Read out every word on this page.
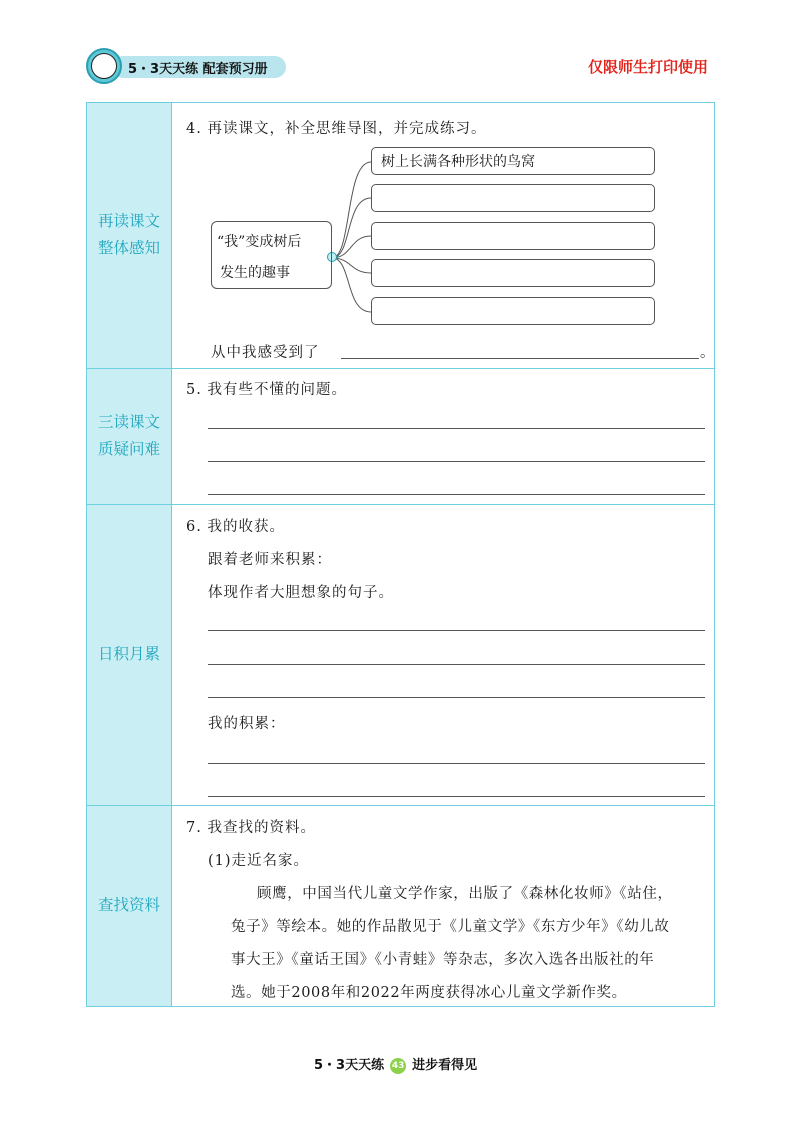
5・3天天练 配套预习册	仅限师生打印使用
再读课文
整体感知
三读课文
质疑问难
日积月累
查找资料
4. 再读课文，补全思维导图，并完成练习。
“我”变成树后
发生的趣事
树上长满各种形状的鸟窝
从中我感受到了	。
5. 我有些不懂的问题。
6. 我的收获。
跟着老师来积累：
体现作者大胆想象的句子。
我的积累：
7. 我查找的资料。
(1)走近名家。
顾鹰，中国当代儿童文学作家，出版了《森林化妆师》《站住，
兔子》等绘本。她的作品散见于《儿童文学》《东方少年》《幼儿故
事大王》《童话王国》《小青蛙》等杂志，多次入选各出版社的年
选。她于2008年和2022年两度获得冰心儿童文学新作奖。
5・3天天练 43 进步看得见
